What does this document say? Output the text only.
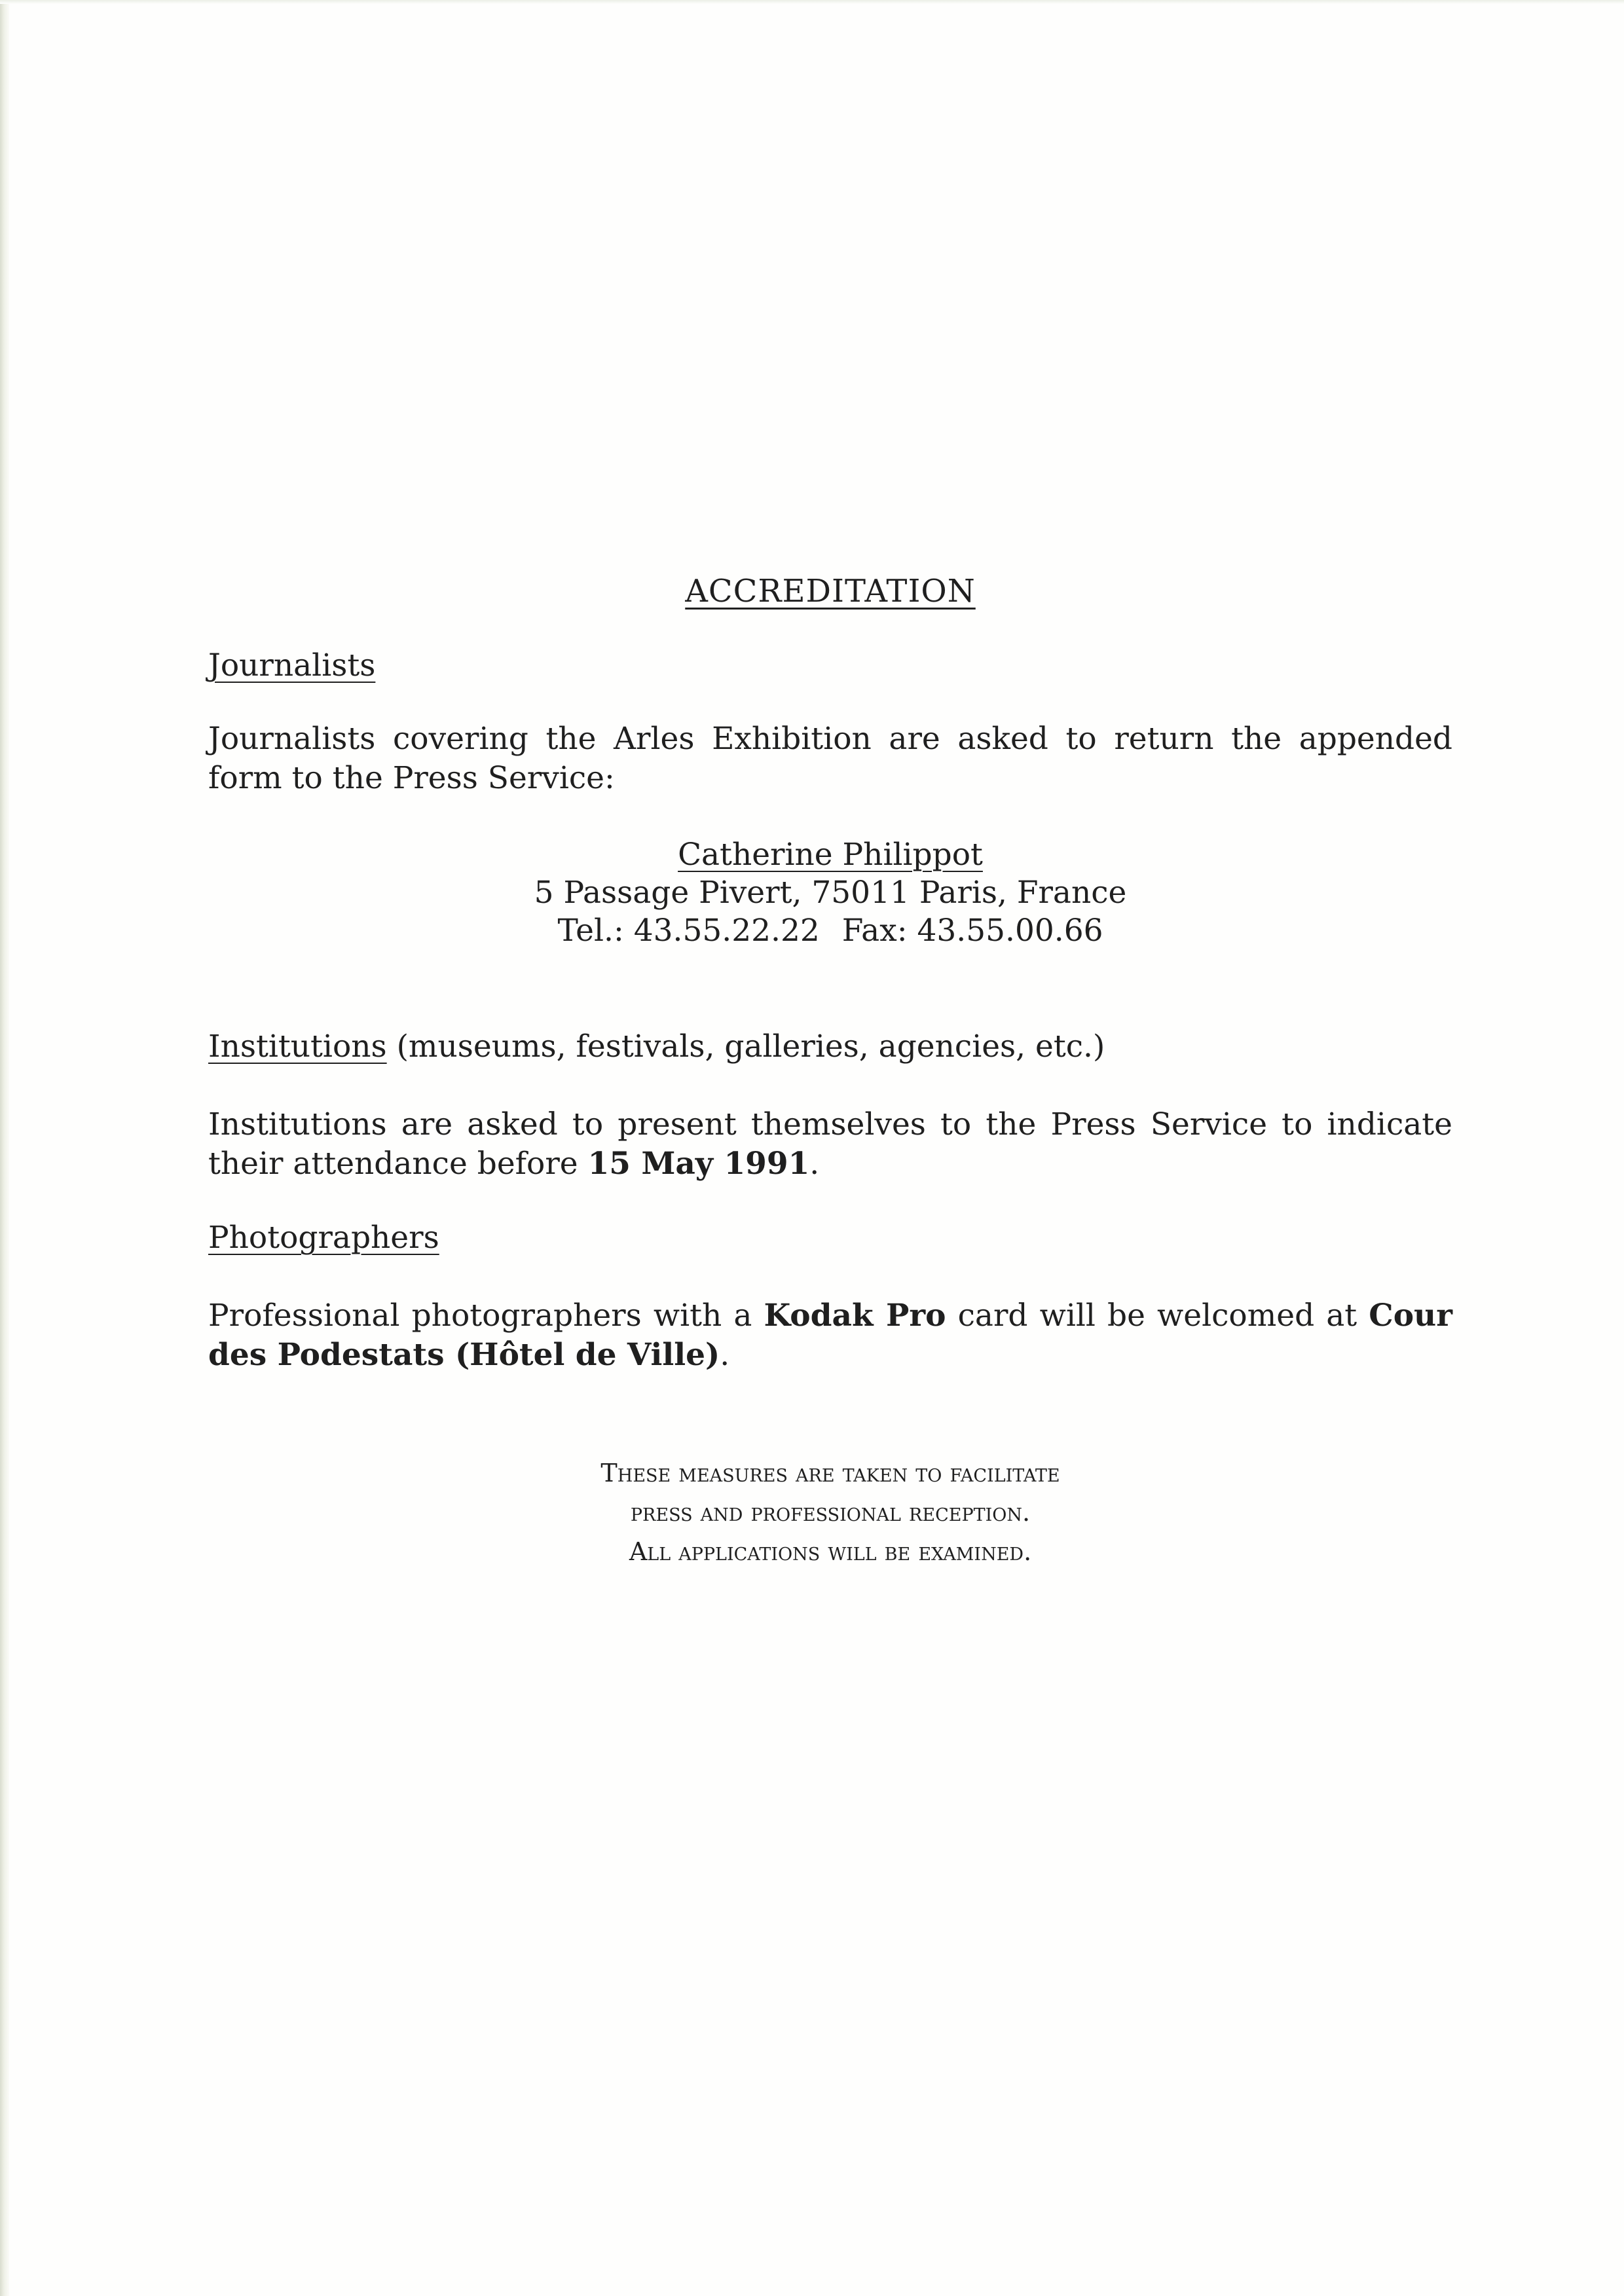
ACCREDITATION

Journalists

Journalists covering the Arles Exhibition are asked to return the appended form to the Press Service:

Catherine Philippot
5 Passage Pivert, 75011 Paris, France
Tel.: 43.55.22.22 Fax: 43.55.00.66

Institutions (museums, festivals, galleries, agencies, etc.)

Institutions are asked to present themselves to the Press Service to indicate their attendance before 15 May 1991.

Photographers

Professional photographers with a Kodak Pro card will be welcomed at Cour des Podestats (Hôtel de Ville).

These measures are taken to facilitate

press and professional reception.

All applications will be examined.
